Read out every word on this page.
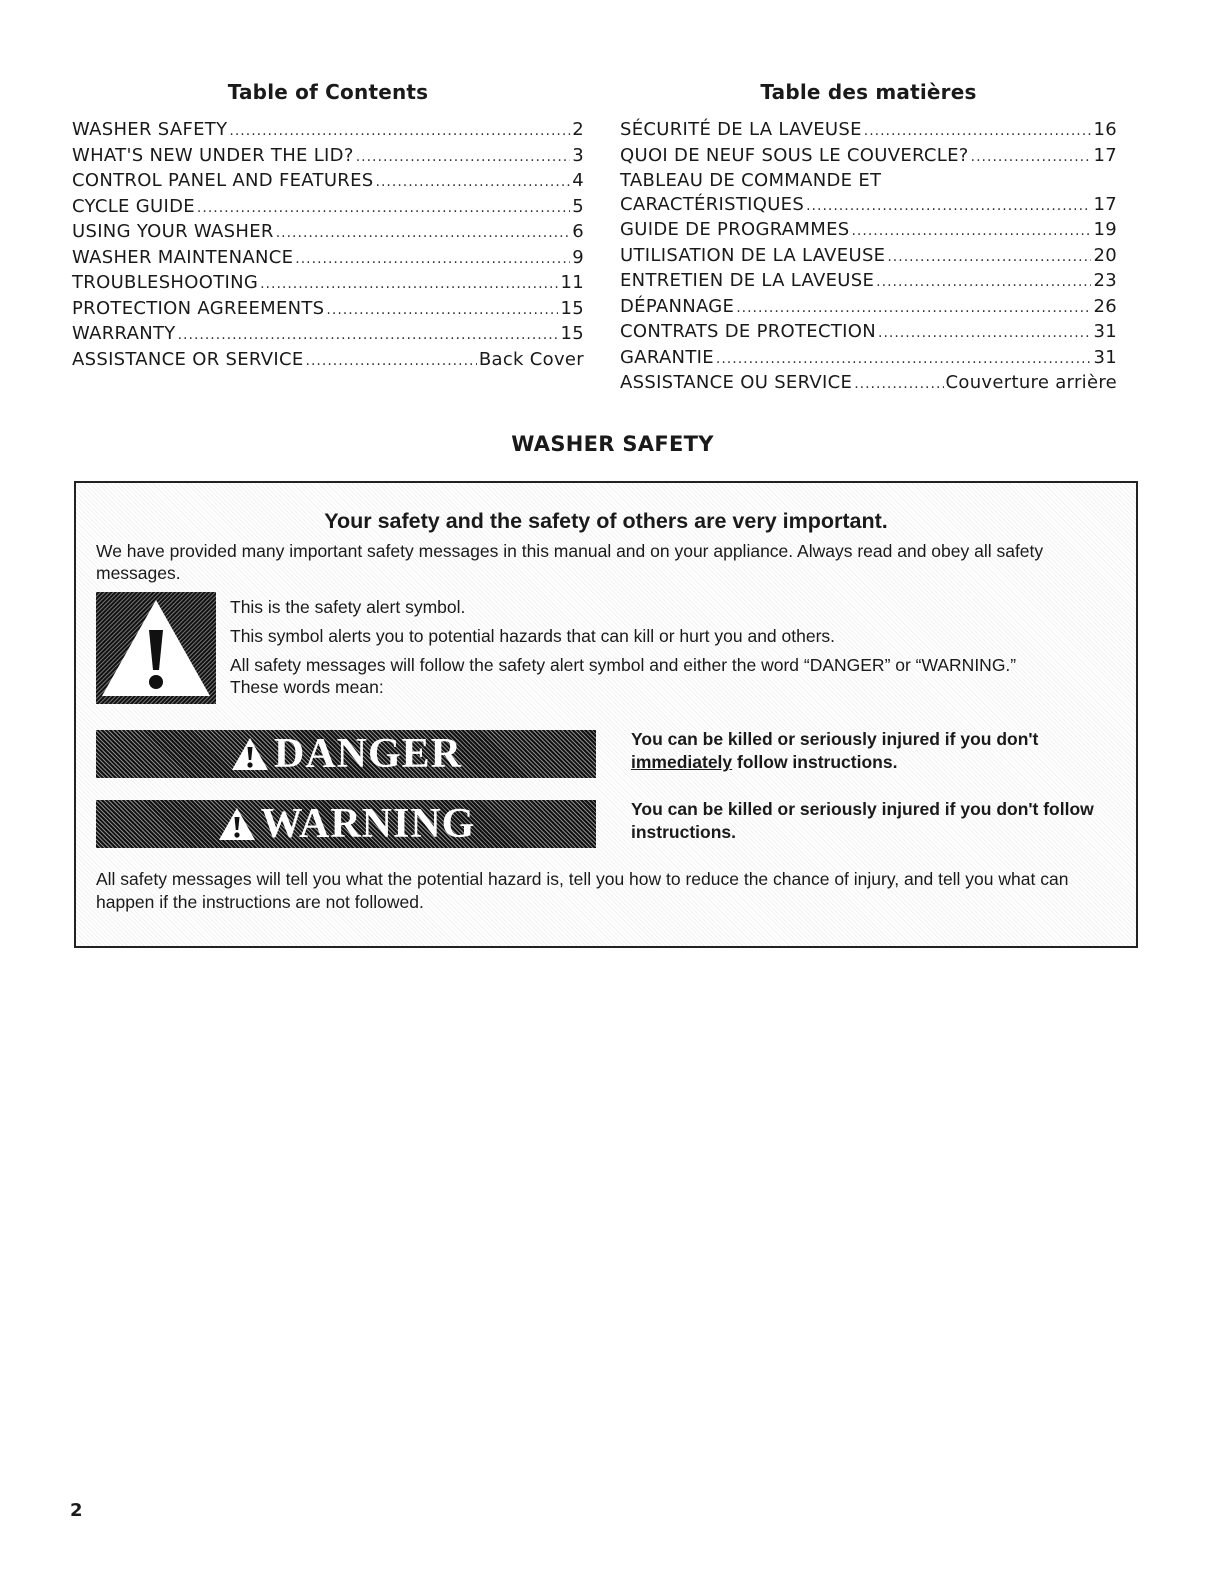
Table of Contents
WASHER SAFETY .....	2
WHAT'S NEW UNDER THE LID? .....	3
CONTROL PANEL AND FEATURES .....	4
CYCLE GUIDE .....	5
USING YOUR WASHER .....	6
WASHER MAINTENANCE .....	9
TROUBLESHOOTING .....	11
PROTECTION AGREEMENTS .....	15
WARRANTY .....	15
ASSISTANCE OR SERVICE .....	Back Cover
Table des matières
SÉCURITÉ DE LA LAVEUSE .....	16
QUOI DE NEUF SOUS LE COUVERCLE? .....	17
TABLEAU DE COMMANDE ET
CARACTÉRISTIQUES .....	17
GUIDE DE PROGRAMMES .....	19
UTILISATION DE LA LAVEUSE .....	20
ENTRETIEN DE LA LAVEUSE .....	23
DÉPANNAGE .....	26
CONTRATS DE PROTECTION .....	31
GARANTIE .....	31
ASSISTANCE OU SERVICE .....	Couverture arrière
WASHER SAFETY
Your safety and the safety of others are very important.
We have provided many important safety messages in this manual and on your appliance. Always read and obey all safety messages.

This is the safety alert symbol.

This symbol alerts you to potential hazards that can kill or hurt you and others.

All safety messages will follow the safety alert symbol and either the word “DANGER” or “WARNING.” These words mean:

DANGER	You can be killed or seriously injured if you don't
immediately follow instructions.
WARNING	You can be killed or seriously injured if you don't follow instructions.
All safety messages will tell you what the potential hazard is, tell you how to reduce the chance of injury, and tell you what can happen if the instructions are not followed.
2
